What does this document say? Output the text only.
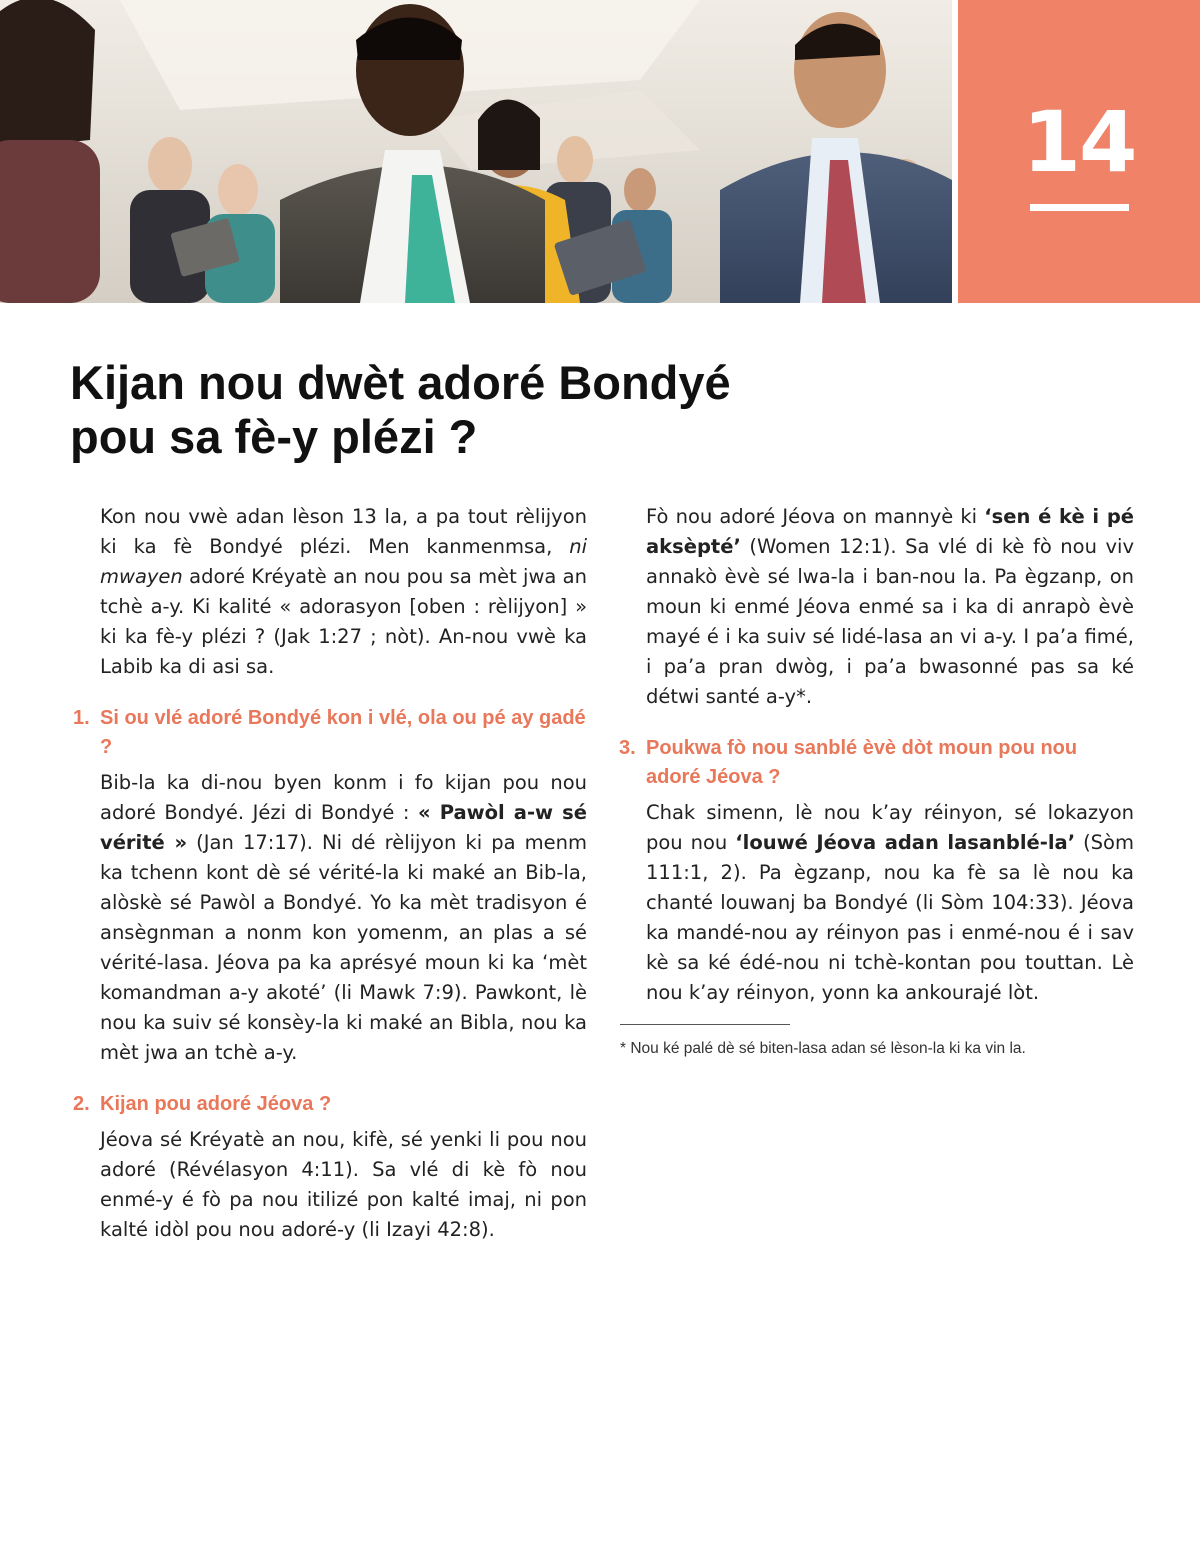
14
Kijan nou dwèt adoré Bondyé
pou sa fè-y plézi ?

Kon nou vwè adan lèson 13 la, a pa tout rèlijyon ki ka fè Bondyé plézi. Men kanmenmsa, ni mwayen adoré Kréyatè an nou pou sa mèt jwa an tchè a-y. Ki kalité « adorasyon [oben : rèlijyon] » ki ka fè-y plézi ? (Jak 1:27 ; nòt). An-nou vwè ka Labib ka di asi sa.

1. Si ou vlé adoré Bondyé kon i vlé, ola ou pé ay gadé ?

Bib-la ka di-nou byen konm i fo kijan pou nou adoré Bondyé. Jézi di Bondyé : « Pawòl a-w sé vérité » (Jan 17:17). Ni dé rèlijyon ki pa menm ka tchenn kont dè sé vérité-la ki maké an Bib-la, alòskè sé Pawòl a Bondyé. Yo ka mèt tradisyon é ansègnman a nonm kon yomenm, an plas a sé vérité-lasa. Jéova pa ka aprésyé moun ki ka ‘mèt komandman a-y akoté’ (li Mawk 7:9). Pawkont, lè nou ka suiv sé konsèy-la ki maké an Bibla, nou ka mèt jwa an tchè a-y.

2. Kijan pou adoré Jéova ?

Jéova sé Kréyatè an nou, kifè, sé yenki li pou nou adoré (Révélasyon 4:11). Sa vlé di kè fò nou enmé-y é fò pa nou itilizé pon kalté imaj, ni pon kalté idòl pou nou adoré-y (li Izayi 42:8).

Fò nou adoré Jéova on mannyè ki ‘sen é kè i pé aksèpté’ (Women 12:1). Sa vlé di kè fò nou viv annakò èvè sé lwa-la i ban-nou la. Pa ègzanp, on moun ki enmé Jéova enmé sa i ka di anrapò èvè mayé é i ka suiv sé lidé-lasa an vi a-y. I pa’a fimé, i pa’a pran dwòg, i pa’a bwasonné pas sa ké détwi santé a-y*.

3. Poukwa fò nou sanblé èvè dòt moun pou nou adoré Jéova ?

Chak simenn, lè nou k’ay réinyon, sé lokazyon pou nou ‘louwé Jéova adan lasanblé-la’ (Sòm 111:1, 2). Pa ègzanp, nou ka fè sa lè nou ka chanté louwanj ba Bondyé (li Sòm 104:33). Jéova ka mandé-nou ay réinyon pas i enmé-nou é i sav kè sa ké édé-nou ni tchè-kontan pou touttan. Lè nou k’ay réinyon, yonn ka ankourajé lòt.

* Nou ké palé dè sé biten-lasa adan sé lèson-la ki ka vin la.
